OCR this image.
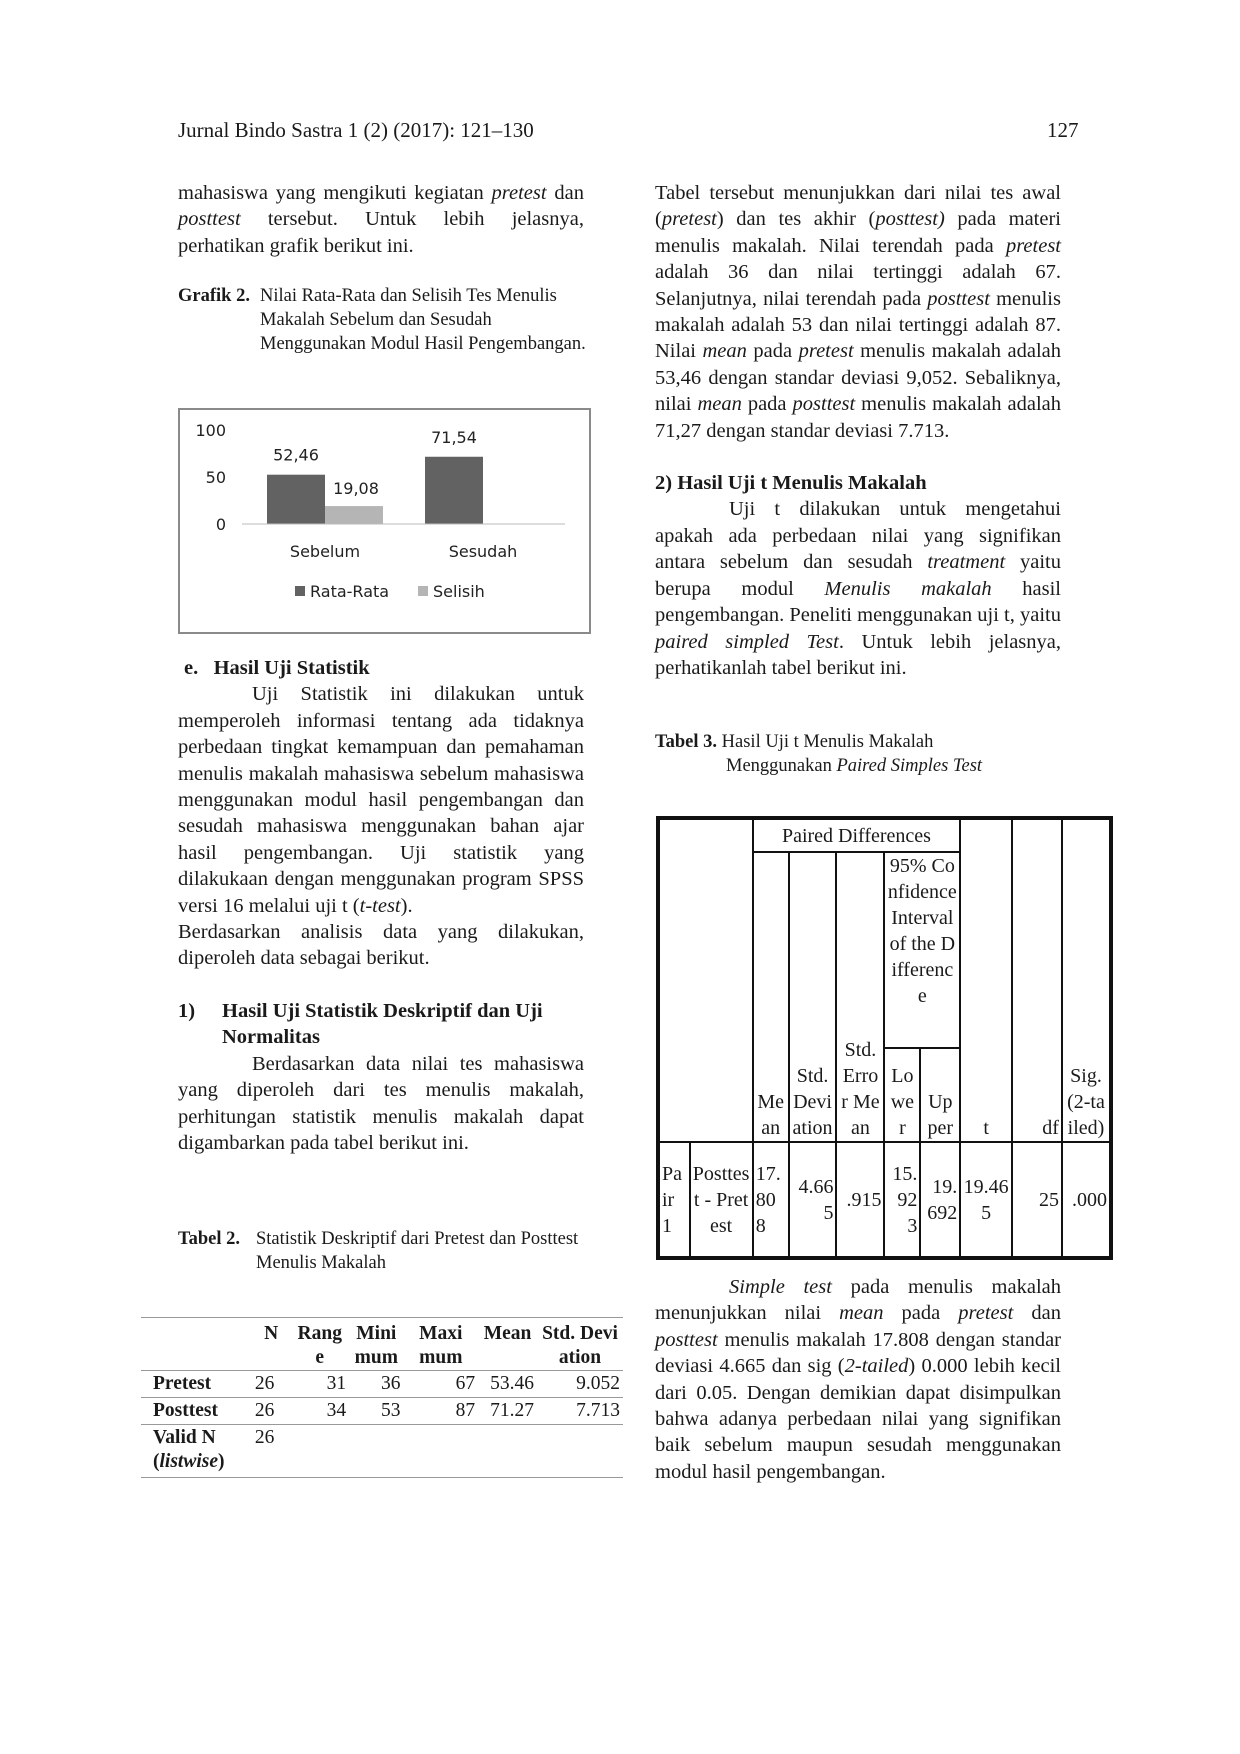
Jurnal Bindo Sastra 1 (2) (2017): 121–130	127

mahasiswa yang mengikuti kegiatan pretest dan posttest tersebut. Untuk lebih jelasnya, perhatikan grafik berikut ini.

Grafik 2. Nilai Rata-Rata dan Selisih Tes Menulis Makalah Sebelum dan Sesudah Menggunakan Modul Hasil Pengembangan.
100
50
0
52,46
19,08
Sebelum
71,54
Sesudah
Rata-Rata	Selisih
e. Hasil Uji Statistik

Uji Statistik ini dilakukan untuk memperoleh informasi tentang ada tidaknya perbedaan tingkat kemampuan dan pemahaman menulis makalah mahasiswa sebelum mahasiswa menggunakan modul hasil pengembangan dan sesudah mahasiswa menggunakan bahan ajar hasil pengembangan. Uji statistik yang dilakukaan dengan menggunakan program SPSS versi 16 melalui uji t (t-test).

Berdasarkan analisis data yang dilakukan, diperoleh data sebagai berikut.

1)	Hasil Uji Statistik Deskriptif dan Uji Normalitas

Berdasarkan data nilai tes mahasiswa yang diperoleh dari tes menulis makalah, perhitungan statistik menulis makalah dapat digambarkan pada tabel berikut ini.

Tabel 2. Statistik Deskriptif dari Pretest dan Posttest Menulis Makalah
	N	Range	Minimum	Maxi mum	Mean	Std. Deviation
Pretest	26	31	36	67	53.46	9.052
Posttest	26	34	53	87	71.27	7.713
Valid N
(listwise)	26					

Tabel tersebut menunjukkan dari nilai tes awal (pretest) dan tes akhir (posttest) pada materi menulis makalah. Nilai terendah pada pretest adalah 36 dan nilai tertinggi adalah 67. Selanjutnya, nilai terendah pada posttest menulis makalah adalah 53 dan nilai tertinggi adalah 87. Nilai mean pada pretest menulis makalah adalah 53,46 dengan standar deviasi 9,052. Sebaliknya, nilai mean pada posttest menulis makalah adalah 71,27 dengan standar deviasi 7.713.

2) Hasil Uji t Menulis Makalah

Uji t dilakukan untuk mengetahui apakah ada perbedaan nilai yang signifikan antara sebelum dan sesudah treatment yaitu berupa modul Menulis makalah hasil pengembangan. Peneliti menggunakan uji t, yaitu paired simpled Test. Untuk lebih jelasnya, perhatikanlah tabel berikut ini.

Tabel 3. Hasil Uji t Menulis Makalah
Menggunakan Paired Simples Test
		Paired Differences					t	df	Sig. (2-tailed)
		Mean	Std. Deviation	Std. Error Mean	95% Confidence Interval of the Difference				
					Lower	Upper			
Pair 1	Posttest - Pretest	17.808	4.665	.915	15.923	19.692	19.465	25	.000

Simple test pada menulis makalah menunjukkan nilai mean pada pretest dan posttest menulis makalah 17.808 dengan standar deviasi 4.665 dan sig (2-tailed) 0.000 lebih kecil dari 0.05. Dengan demikian dapat disimpulkan bahwa adanya perbedaan nilai yang signifikan baik sebelum maupun sesudah menggunakan modul hasil pengembangan.
